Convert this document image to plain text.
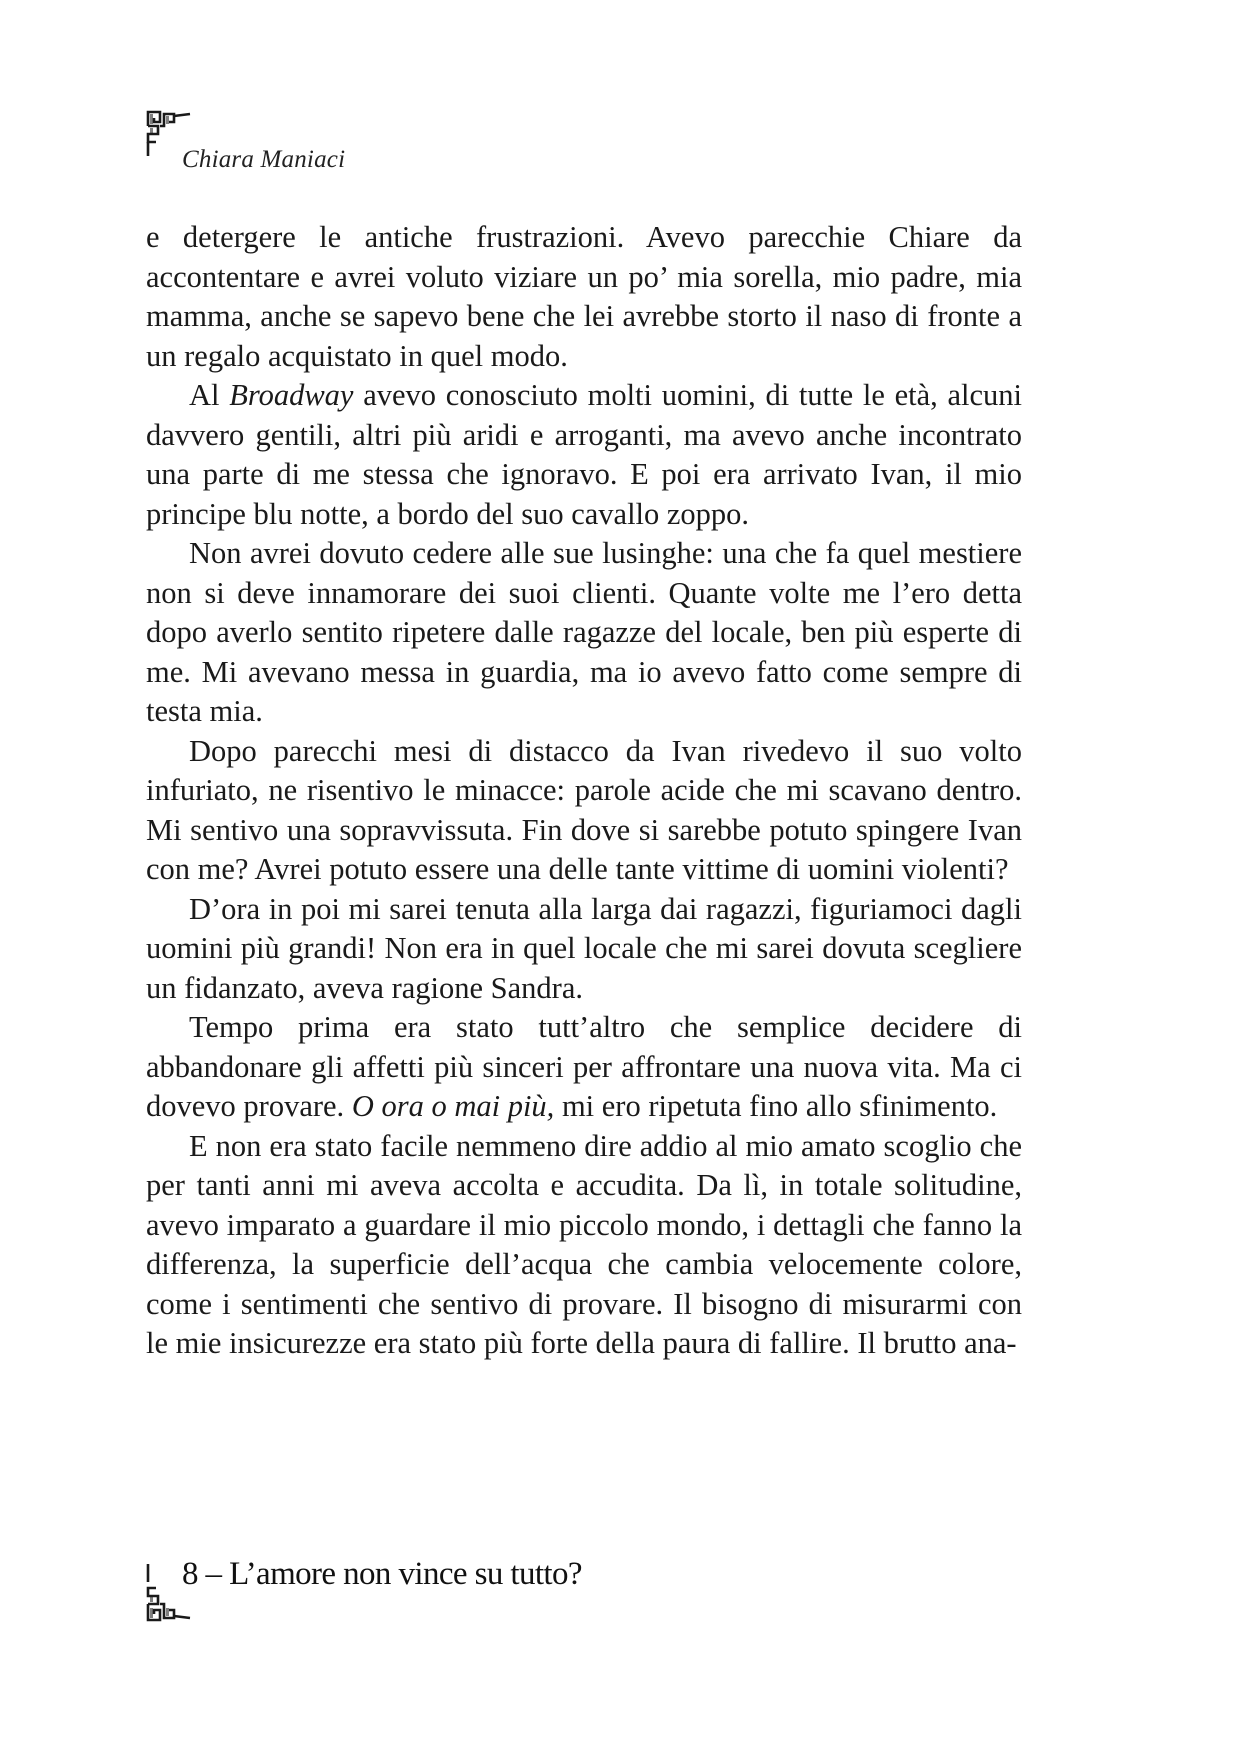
Chiara Maniaci

e detergere le antiche frustrazioni. Avevo parecchie Chiare da accontentare e avrei voluto viziare un po’ mia sorella, mio padre, mia mamma, anche se sapevo bene che lei avrebbe storto il naso di fronte a un regalo acquistato in quel modo.

Al Broadway avevo conosciuto molti uomini, di tutte le età, alcuni davvero gentili, altri più aridi e arroganti, ma avevo anche incontrato una parte di me stessa che ignoravo. E poi era arrivato Ivan, il mio principe blu notte, a bordo del suo cavallo zoppo.

Non avrei dovuto cedere alle sue lusinghe: una che fa quel mestiere non si deve innamorare dei suoi clienti. Quante volte me l’ero detta dopo averlo sentito ripetere dalle ragazze del locale, ben più esperte di me. Mi avevano messa in guardia, ma io avevo fatto come sempre di testa mia.

Dopo parecchi mesi di distacco da Ivan rivedevo il suo volto infuriato, ne risentivo le minacce: parole acide che mi scavano dentro. Mi sentivo una sopravvissuta. Fin dove si sarebbe potuto spingere Ivan con me? Avrei potuto essere una delle tante vittime di uomini violenti?

D’ora in poi mi sarei tenuta alla larga dai ragazzi, figuriamoci dagli uomini più grandi! Non era in quel locale che mi sarei dovuta scegliere un fidanzato, aveva ragione Sandra.

Tempo prima era stato tutt’altro che semplice decidere di abbandonare gli affetti più sinceri per affrontare una nuova vita. Ma ci dovevo provare. O ora o mai più, mi ero ripetuta fino allo sfinimento.

E non era stato facile nemmeno dire addio al mio amato scoglio che per tanti anni mi aveva accolta e accudita. Da lì, in totale solitudine, avevo imparato a guardare il mio piccolo mondo, i dettagli che fanno la differenza, la superficie dell’acqua che cambia velocemente colore, come i sentimenti che sentivo di provare. Il bisogno di misurarmi con le mie insicurezze era stato più forte della paura di fallire. Il brutto ana-

8 – L’amore non vince su tutto?
